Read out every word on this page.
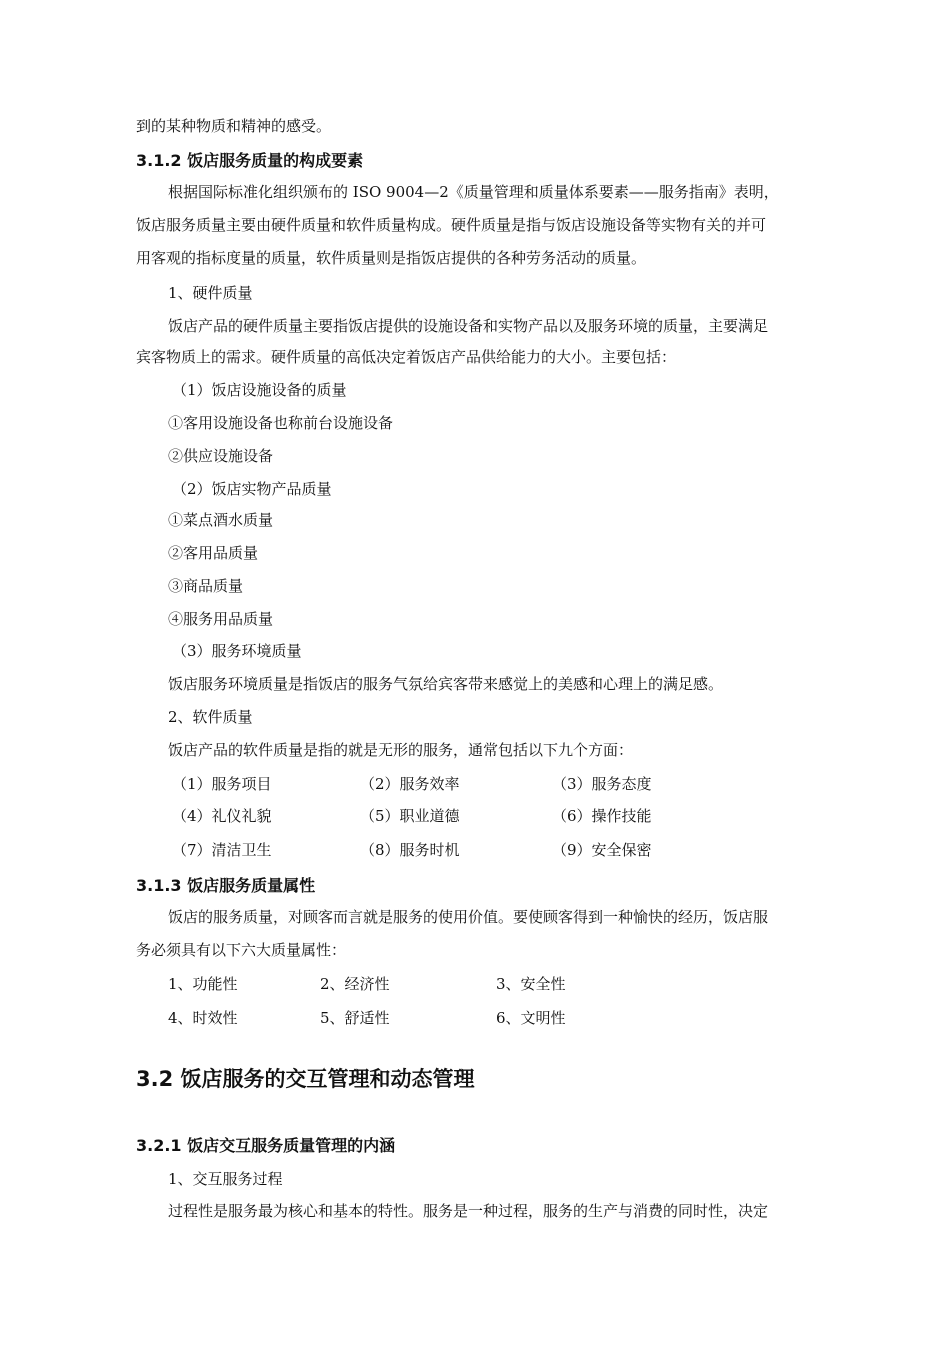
到的某种物质和精神的感受。
3.1.2 饭店服务质量的构成要素
根据国际标准化组织颁布的 ISO 9004—2《质量管理和质量体系要素——服务指南》表明，
饭店服务质量主要由硬件质量和软件质量构成。硬件质量是指与饭店设施设备等实物有关的并可
用客观的指标度量的质量，软件质量则是指饭店提供的各种劳务活动的质量。
1、硬件质量
饭店产品的硬件质量主要指饭店提供的设施设备和实物产品以及服务环境的质量，主要满足
宾客物质上的需求。硬件质量的高低决定着饭店产品供给能力的大小。主要包括：
（1）饭店设施设备的质量
①客用设施设备也称前台设施设备
②供应设施设备
（2）饭店实物产品质量
①菜点酒水质量
②客用品质量
③商品质量
④服务用品质量
（3）服务环境质量
饭店服务环境质量是指饭店的服务气氛给宾客带来感觉上的美感和心理上的满足感。
2、软件质量
饭店产品的软件质量是指的就是无形的服务，通常包括以下九个方面：
（1）服务项目	（2）服务效率	（3）服务态度
（4）礼仪礼貌	（5）职业道德	（6）操作技能
（7）清洁卫生	（8）服务时机	（9）安全保密
3.1.3 饭店服务质量属性
饭店的服务质量，对顾客而言就是服务的使用价值。要使顾客得到一种愉快的经历，饭店服
务必须具有以下六大质量属性：
1、功能性	2、经济性	3、安全性
4、时效性	5、舒适性	6、文明性
3.2 饭店服务的交互管理和动态管理
3.2.1 饭店交互服务质量管理的内涵
1、交互服务过程
过程性是服务最为核心和基本的特性。服务是一种过程，服务的生产与消费的同时性，决定
